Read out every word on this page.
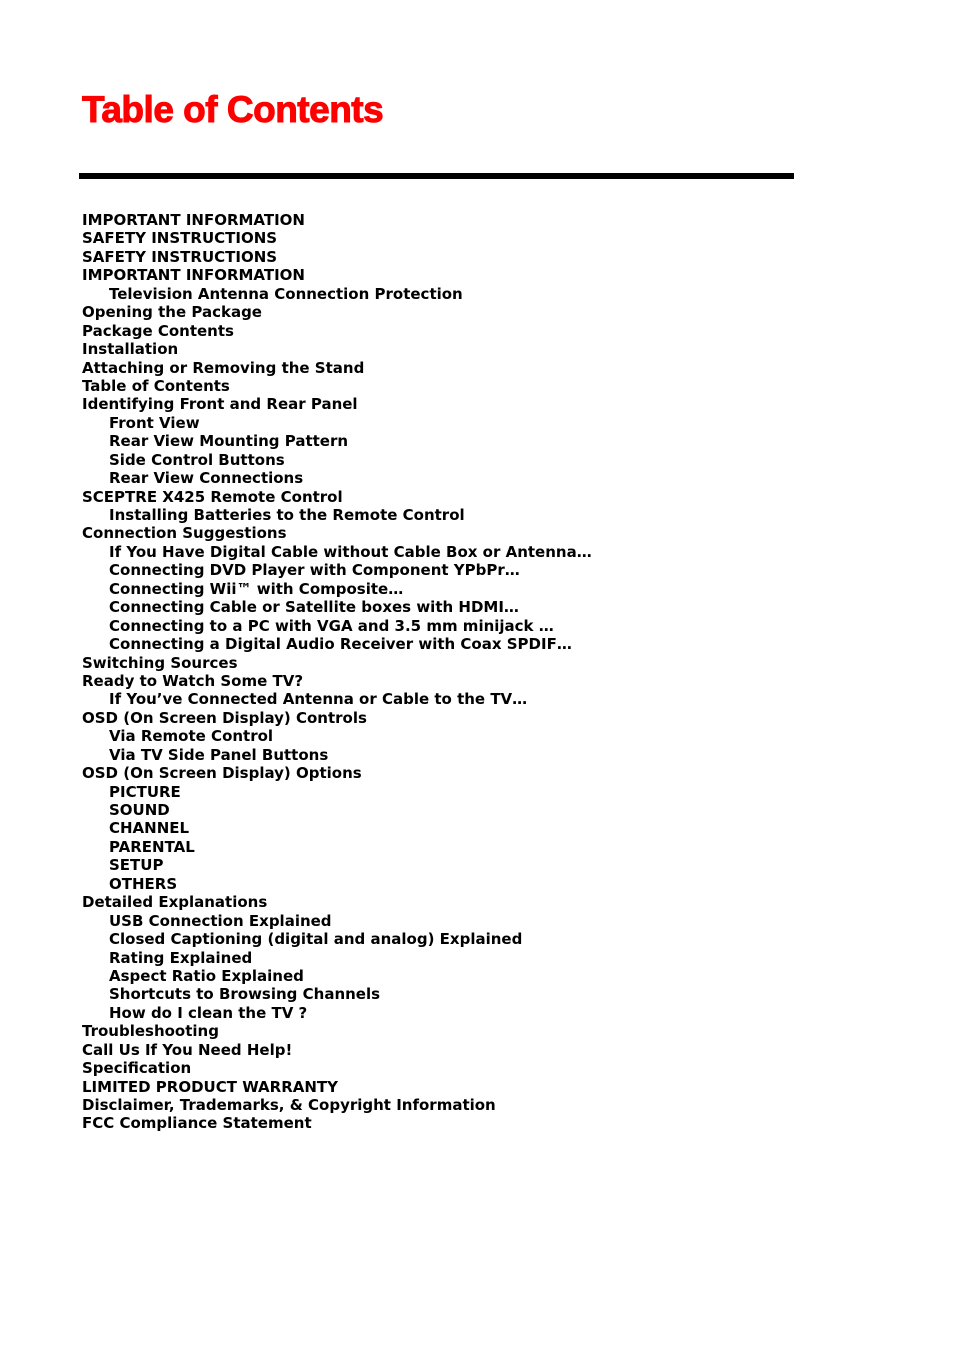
Table of Contents
IMPORTANT INFORMATION
SAFETY INSTRUCTIONS
SAFETY INSTRUCTIONS
IMPORTANT INFORMATION
Television Antenna Connection Protection
Opening the Package
Package Contents
Installation
Attaching or Removing the Stand
Table of Contents
Identifying Front and Rear Panel
Front View
Rear View Mounting Pattern
Side Control Buttons
Rear View Connections
SCEPTRE X425 Remote Control
Installing Batteries to the Remote Control
Connection Suggestions
If You Have Digital Cable without Cable Box or Antenna…
Connecting DVD Player with Component YPbPr…
Connecting Wii™ with Composite…
Connecting Cable or Satellite boxes with HDMI…
Connecting to a PC with VGA and 3.5 mm minijack …
Connecting a Digital Audio Receiver with Coax SPDIF…
Switching Sources
Ready to Watch Some TV?
If You’ve Connected Antenna or Cable to the TV…
OSD (On Screen Display) Controls
Via Remote Control
Via TV Side Panel Buttons
OSD (On Screen Display) Options
PICTURE
SOUND
CHANNEL
PARENTAL
SETUP
OTHERS
Detailed Explanations
USB Connection Explained
Closed Captioning (digital and analog) Explained
Rating Explained
Aspect Ratio Explained
Shortcuts to Browsing Channels
How do I clean the TV ?
Troubleshooting
Call Us If You Need Help!
Specification
LIMITED PRODUCT WARRANTY
Disclaimer, Trademarks, & Copyright Information
FCC Compliance Statement
